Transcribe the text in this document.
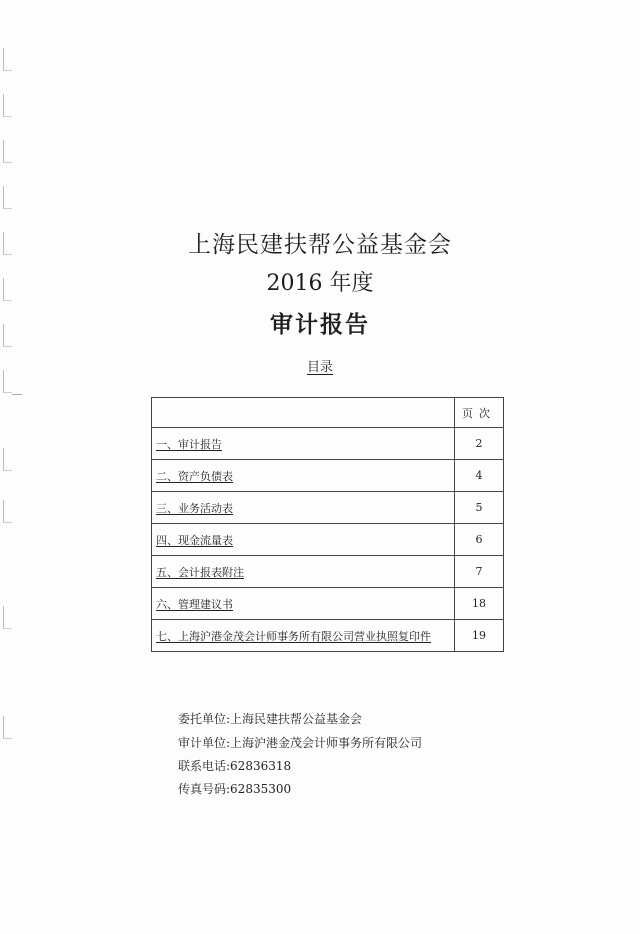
上海民建扶帮公益基金会
2016 年度
审计报告
目录
	页次
一、审计报告	2
二、资产负债表	4
三、业务活动表	5
四、现金流量表	6
五、会计报表附注	7
六、管理建议书	18
七、上海沪港金茂会计师事务所有限公司营业执照复印件	19
委托单位:上海民建扶帮公益基金会
审计单位:上海沪港金茂会计师事务所有限公司
联系电话:62836318
传真号码:62835300
